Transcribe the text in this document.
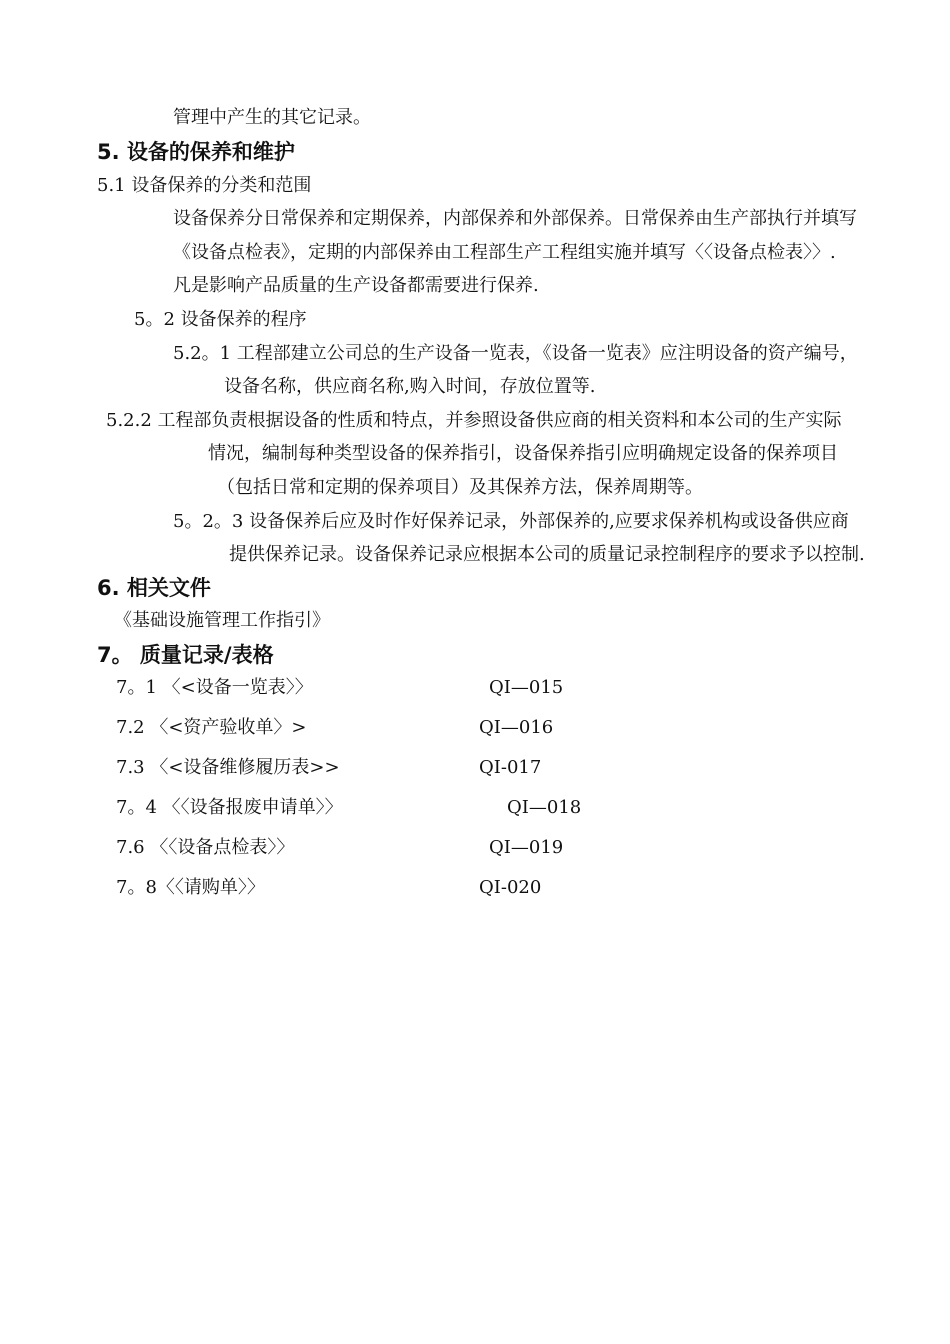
管理中产生的其它记录。
5. 设备的保养和维护
5.1 设备保养的分类和范围
设备保养分日常保养和定期保养，内部保养和外部保养。日常保养由生产部执行并填写
《设备点检表》，定期的内部保养由工程部生产工程组实施并填写〈〈设备点检表〉〉.
凡是影响产品质量的生产设备都需要进行保养.
5。2 设备保养的程序
5.2。1 工程部建立公司总的生产设备一览表，《设备一览表》应注明设备的资产编号，
设备名称，供应商名称,购入时间，存放位置等.
5.2.2 工程部负责根据设备的性质和特点，并参照设备供应商的相关资料和本公司的生产实际
情况，编制每种类型设备的保养指引，设备保养指引应明确规定设备的保养项目
（包括日常和定期的保养项目）及其保养方法，保养周期等。
5。2。3 设备保养后应及时作好保养记录，外部保养的,应要求保养机构或设备供应商
提供保养记录。设备保养记录应根据本公司的质量记录控制程序的要求予以控制.
6. 相关文件
《基础设施管理工作指引》
7。 质量记录/表格
7。1 〈<设备一览表〉〉	QI—015
7.2 〈<资产验收单〉>	QI—016
7.3 〈<设备维修履历表>>	QI-017
7。4 〈〈设备报废申请单〉〉	QI—018
7.6 〈〈设备点检表〉〉	QI—019
7。8〈〈请购单〉〉	QI-020
